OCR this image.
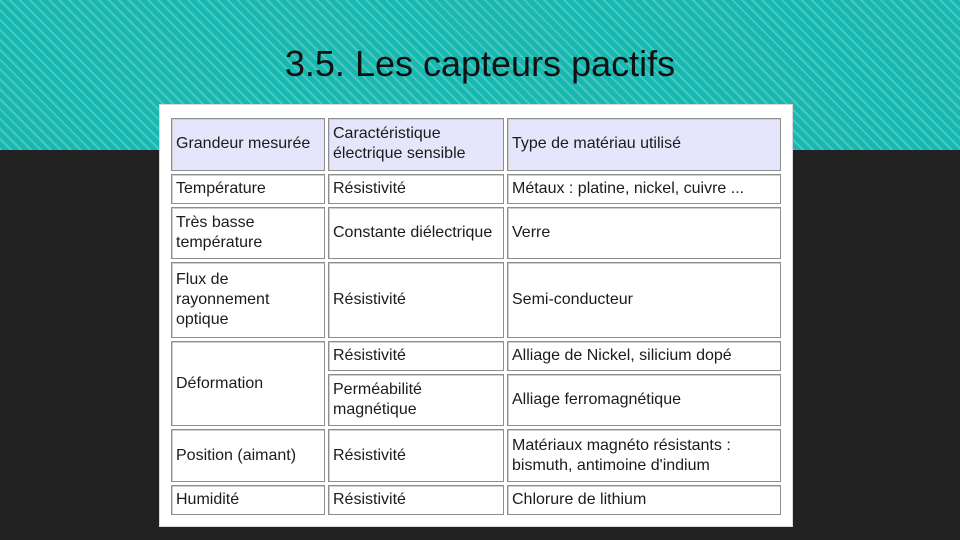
3.5. Les capteurs pactifs
Grandeur mesurée	Caractéristique électrique sensible	Type de matériau utilisé
Température	Résistivité	Métaux : platine, nickel, cuivre ...
Très basse température	Constante diélectrique	Verre
Flux de rayonnement optique	Résistivité	Semi-conducteur
Déformation	Résistivité	Alliage de Nickel, silicium dopé
	Perméabilité magnétique	Alliage ferromagnétique
Position (aimant)	Résistivité	Matériaux magnéto résistants : bismuth, antimoine d'indium
Humidité	Résistivité	Chlorure de lithium
